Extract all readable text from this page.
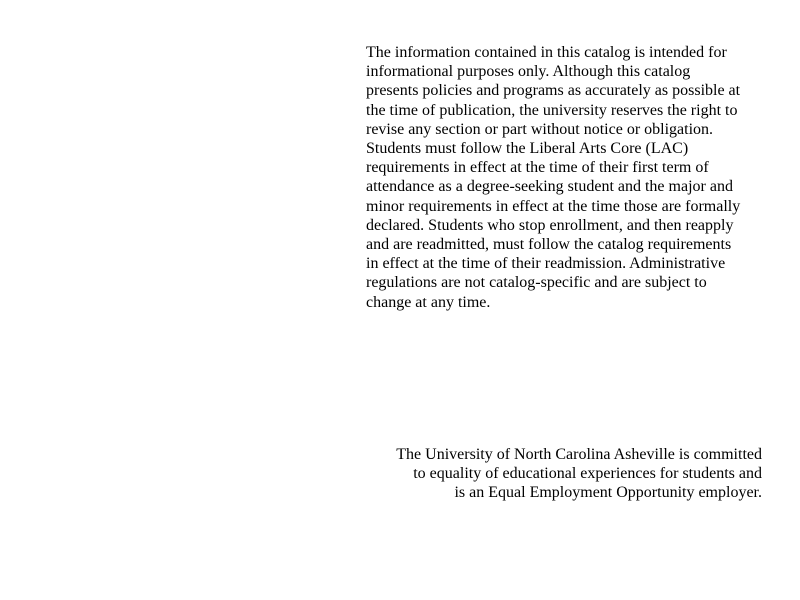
The information contained in this catalog is intended for
informational purposes only. Although this catalog
presents policies and programs as accurately as possible at
the time of publication, the university reserves the right to
revise any section or part without notice or obligation.
Students must follow the Liberal Arts Core (LAC)
requirements in effect at the time of their first term of
attendance as a degree-seeking student and the major and
minor requirements in effect at the time those are formally
declared. Students who stop enrollment, and then reapply
and are readmitted, must follow the catalog requirements
in effect at the time of their readmission. Administrative
regulations are not catalog-specific and are subject to
change at any time.

The University of North Carolina Asheville is committed
to equality of educational experiences for students and
is an Equal Employment Opportunity employer.
